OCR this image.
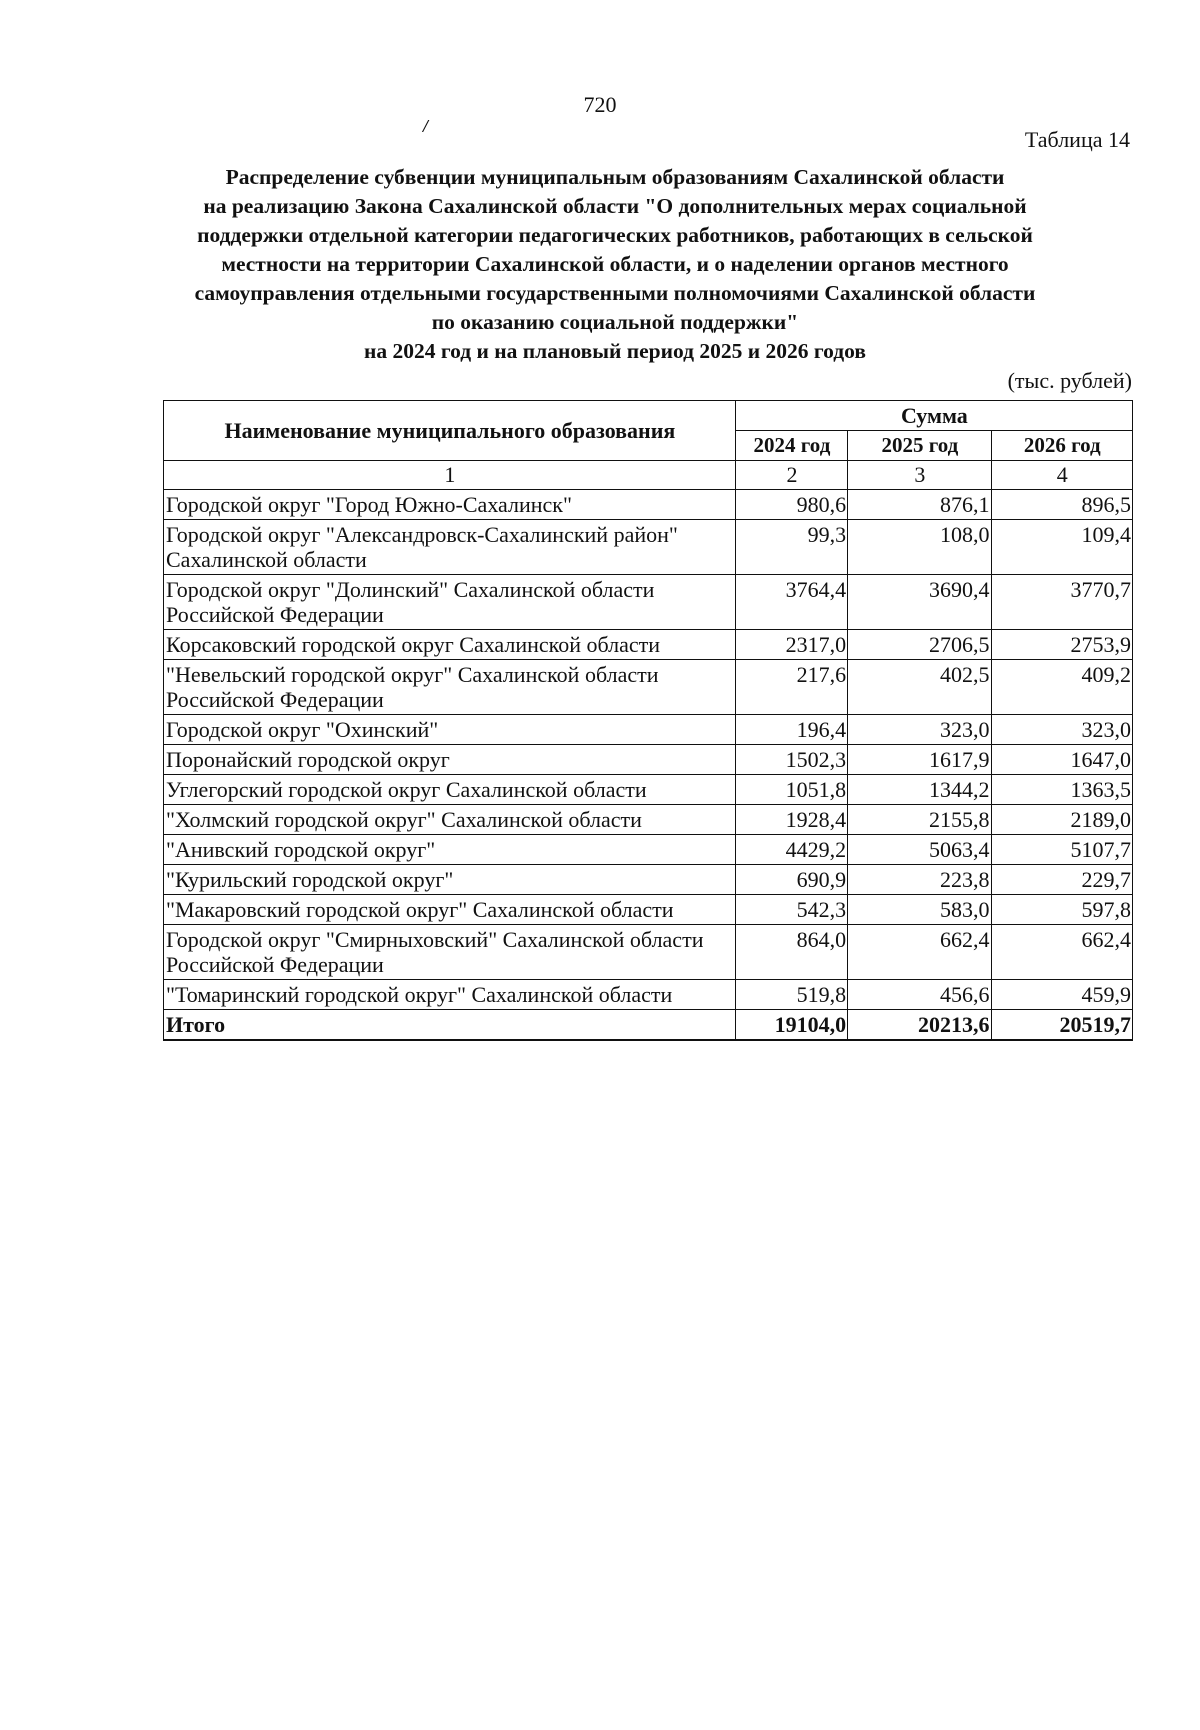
720
/
Таблица 14
Распределение субвенции муниципальным образованиям Сахалинской области
на реализацию Закона Сахалинской области "О дополнительных мерах социальной
поддержки отдельной категории педагогических работников, работающих в сельской
местности на территории Сахалинской области, и о наделении органов местного
самоуправления отдельными государственными полномочиями Сахалинской области
по оказанию социальной поддержки"
на 2024 год и на плановый период 2025 и 2026 годов
(тыс. рублей)
Наименование муниципального образования	Сумма		
	2024 год	2025 год	2026 год
1	2	3	4
Городской округ "Город Южно-Сахалинск"	980,6	876,1	896,5
Городской округ "Александровск-Сахалинский район" Сахалинской области	99,3	108,0	109,4
Городской округ "Долинский" Сахалинской области Российской Федерации	3764,4	3690,4	3770,7
Корсаковский городской округ Сахалинской области	2317,0	2706,5	2753,9
"Невельский городской округ" Сахалинской области Российской Федерации	217,6	402,5	409,2
Городской округ "Охинский"	196,4	323,0	323,0
Поронайский городской округ	1502,3	1617,9	1647,0
Углегорский городской округ Сахалинской области	1051,8	1344,2	1363,5
"Холмский городской округ" Сахалинской области	1928,4	2155,8	2189,0
"Анивский городской округ"	4429,2	5063,4	5107,7
"Курильский городской округ"	690,9	223,8	229,7
"Макаровский городской округ" Сахалинской области	542,3	583,0	597,8
Городской округ "Смирныховский" Сахалинской области Российской Федерации	864,0	662,4	662,4
"Томаринский городской округ" Сахалинской области	519,8	456,6	459,9
Итого	19104,0	20213,6	20519,7
